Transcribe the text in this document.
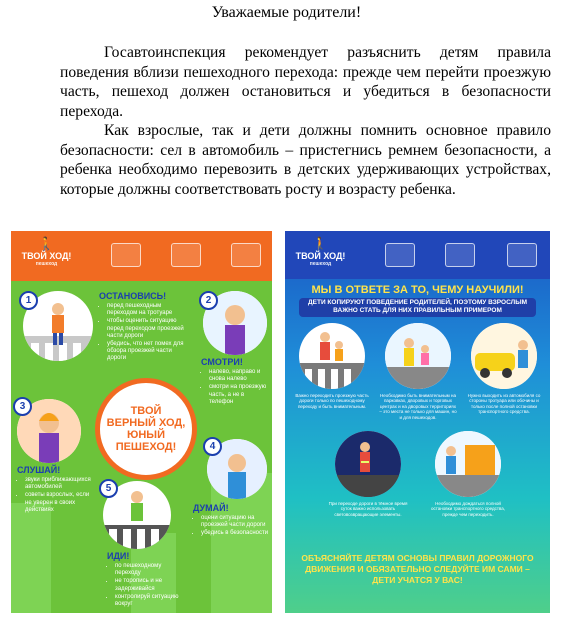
Уважаемые родители!

Госавтоинспекция рекомендует разъяснить детям правила поведения вблизи пешеходного перехода: прежде чем перейти проезжую часть, пешеход должен остановиться и убедиться в безопасности перехода.

Как взрослые, так и дети должны помнить основное правило безопасности: сел в автомобиль – пристегнись ремнем безопасности, а ребенка необходимо перевозить в детских удерживающих устройствах, которые должны соответствовать росту и возрасту ребенка.

🚶
ТВОЙ ХОД!
пешеход
1	ОСТАНОВИСЬ!
• перед пешеходным переходом на тротуаре
• чтобы оценить ситуацию перед переходом проезжей части дороги
• убедись, что нет помех для обзора проезжей части дороги
2
СМОТРИ!
• налево, направо и снова налево
• смотри на проезжую часть, а не в телефон
ТВОЙ
ВЕРНЫЙ ХОД,
ЮНЫЙ
ПЕШЕХОД!
3
СЛУШАЙ!
• звуки приближающихся автомобилей
• советы взрослых, если не уверен в своих действиях
4
ДУМАЙ!
• оцени ситуацию на проезжей части дороги
• убедись в безопасности
5
ИДИ!
• по пешеходному переходу
• не торопись и не задерживайся
• контролируй ситуацию вокруг
🚶
ТВОЙ ХОД!
пешеход
МЫ В ОТВЕТЕ ЗА ТО, ЧЕМУ НАУЧИЛИ!
ДЕТИ КОПИРУЮТ ПОВЕДЕНИЕ РОДИТЕЛЕЙ, ПОЭТОМУ ВЗРОСЛЫМ ВАЖНО СТАТЬ ДЛЯ НИХ ПРАВИЛЬНЫМ ПРИМЕРОМ
Важно переходить проезжую часть дороги только по пешеходному переходу и быть внимательным.
Необходимо быть внимательным на парковках, дворовых и торговых центрах и на дворовых территориях – это места не только для машин, но и для пешеходов.
Нужно выходить из автомобиля со стороны тротуара или обочины и только после полной остановки транспортного средства.
При переходе дороги в тёмное время суток важно использовать световозвращающие элементы.
Необходимо дождаться полной остановки транспортного средства, прежде чем переходить.
ОБЪЯСНЯЙТЕ ДЕТЯМ ОСНОВЫ ПРАВИЛ ДОРОЖНОГО ДВИЖЕНИЯ И ОБЯЗАТЕЛЬНО СЛЕДУЙТЕ ИМ САМИ – ДЕТИ УЧАТСЯ У ВАС!
